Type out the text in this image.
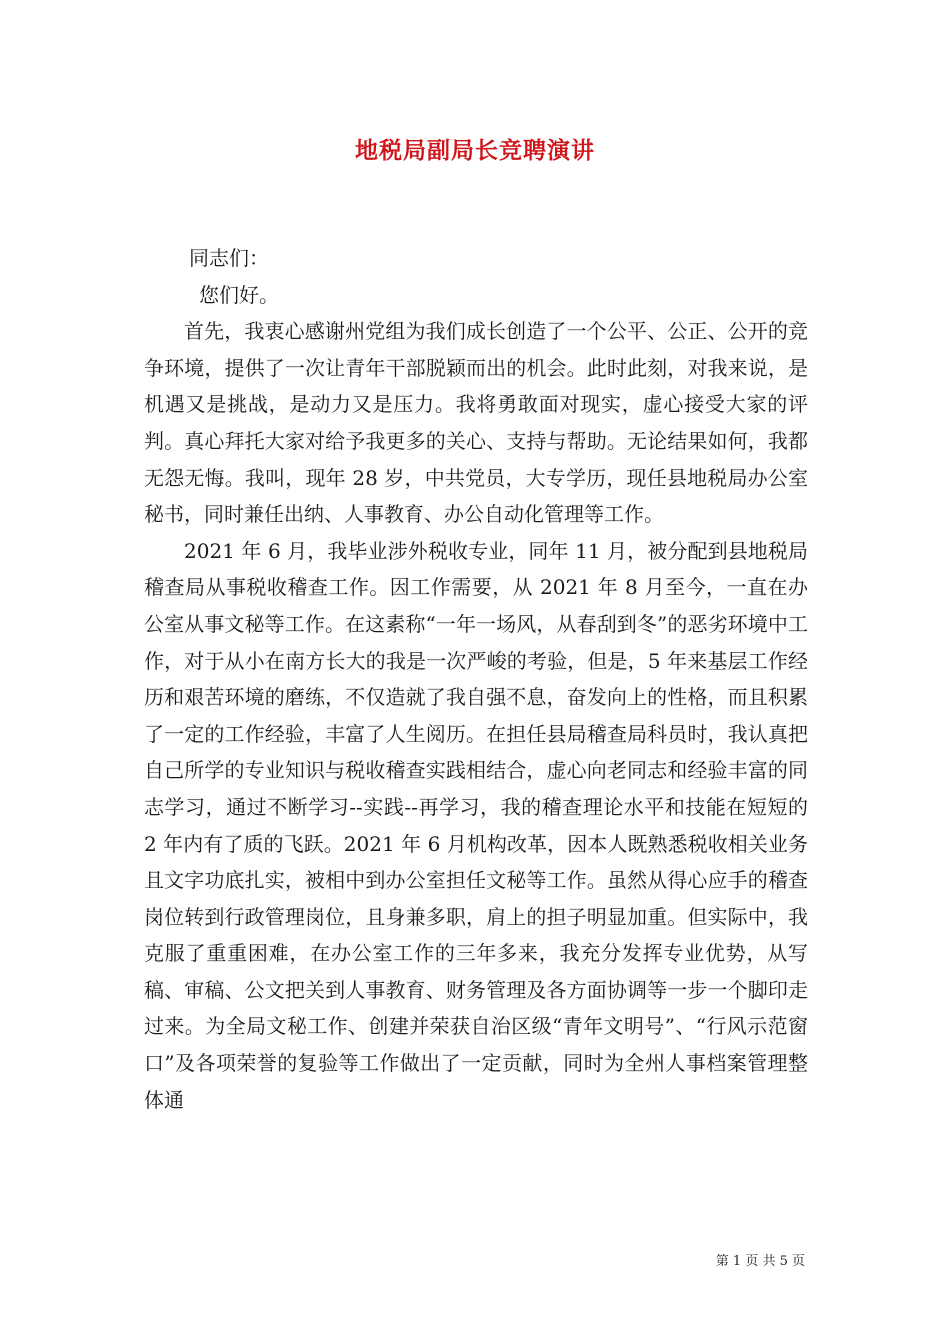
地税局副局长竞聘演讲
同志们：
您们好。

首先，我衷心感谢州党组为我们成长创造了一个公平、公正、公开的竞争环境，提供了一次让青年干部脱颖而出的机会。此时此刻，对我来说，是机遇又是挑战，是动力又是压力。我将勇敢面对现实，虚心接受大家的评判。真心拜托大家对给予我更多的关心、支持与帮助。无论结果如何，我都无怨无悔。我叫，现年 28 岁，中共党员，大专学历，现任县地税局办公室秘书，同时兼任出纳、人事教育、办公自动化管理等工作。

2021 年 6 月，我毕业涉外税收专业，同年 11 月，被分配到县地税局稽查局从事税收稽查工作。因工作需要，从 2021 年 8 月至今，一直在办公室从事文秘等工作。在这素称“一年一场风，从春刮到冬”的恶劣环境中工作，对于从小在南方长大的我是一次严峻的考验，但是，5 年来基层工作经历和艰苦环境的磨练，不仅造就了我自强不息，奋发向上的性格，而且积累了一定的工作经验，丰富了人生阅历。在担任县局稽查局科员时，我认真把自己所学的专业知识与税收稽查实践相结合，虚心向老同志和经验丰富的同志学习，通过不断学习--实践--再学习，我的稽查理论水平和技能在短短的 2 年内有了质的飞跃。2021 年 6 月机构改革，因本人既熟悉税收相关业务且文字功底扎实，被相中到办公室担任文秘等工作。虽然从得心应手的稽查岗位转到行政管理岗位，且身兼多职，肩上的担子明显加重。但实际中，我克服了重重困难，在办公室工作的三年多来，我充分发挥专业优势，从写稿、审稿、公文把关到人事教育、财务管理及各方面协调等一步一个脚印走过来。为全局文秘工作、创建并荣获自治区级“青年文明号”、“行风示范窗口”及各项荣誉的复验等工作做出了一定贡献，同时为全州人事档案管理整体通

第 1 页 共 5 页
